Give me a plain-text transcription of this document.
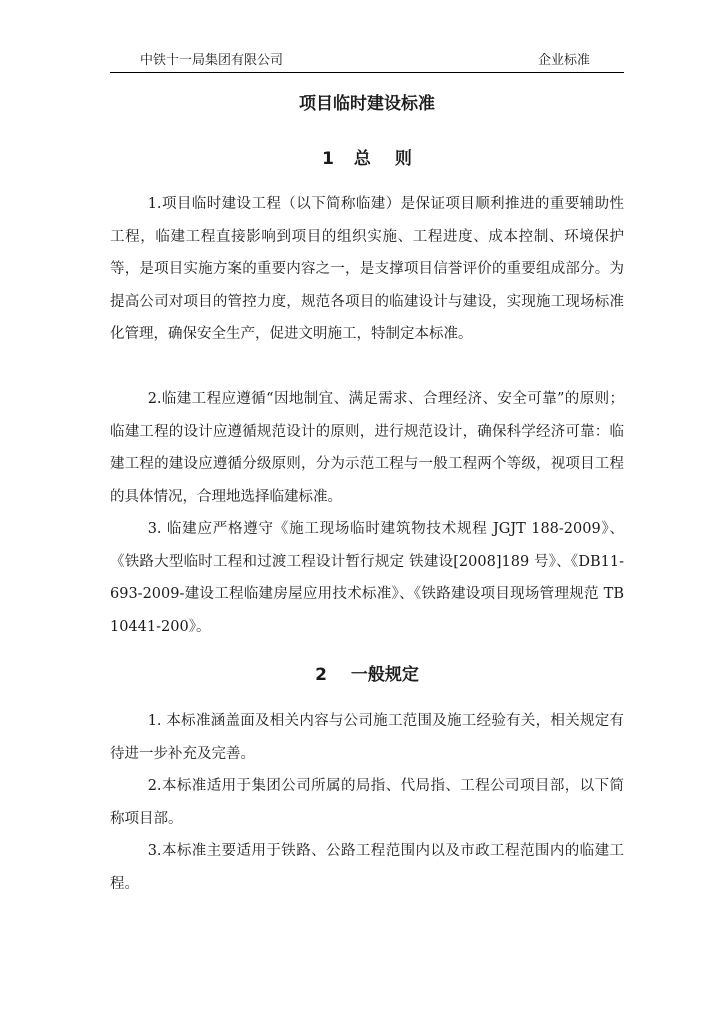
中铁十一局集团有限公司	企业标准
项目临时建设标准
1 总则

1.项目临时建设工程（以下简称临建）是保证项目顺利推进的重要辅助性工程，临建工程直接影响到项目的组织实施、工程进度、成本控制、环境保护等，是项目实施方案的重要内容之一，是支撑项目信誉评价的重要组成部分。为提高公司对项目的管控力度，规范各项目的临建设计与建设，实现施工现场标准化管理，确保安全生产，促进文明施工，特制定本标准。

2.临建工程应遵循“因地制宜、满足需求、合理经济、安全可靠”的原则；临建工程的设计应遵循规范设计的原则，进行规范设计，确保科学经济可靠：临建工程的建设应遵循分级原则，分为示范工程与一般工程两个等级，视项目工程的具体情况，合理地选择临建标准。

3. 临建应严格遵守《施工现场临时建筑物技术规程 JGJT 188-2009》、《铁路大型临时工程和过渡工程设计暂行规定 铁建设[2008]189 号》、《DB11-693-2009-建设工程临建房屋应用技术标准》、《铁路建设项目现场管理规范 TB 10441-200》。

2 一般规定

1. 本标准涵盖面及相关内容与公司施工范围及施工经验有关，相关规定有待进一步补充及完善。

2.本标准适用于集团公司所属的局指、代局指、工程公司项目部，以下简称项目部。

3.本标准主要适用于铁路、公路工程范围内以及市政工程范围内的临建工程。
